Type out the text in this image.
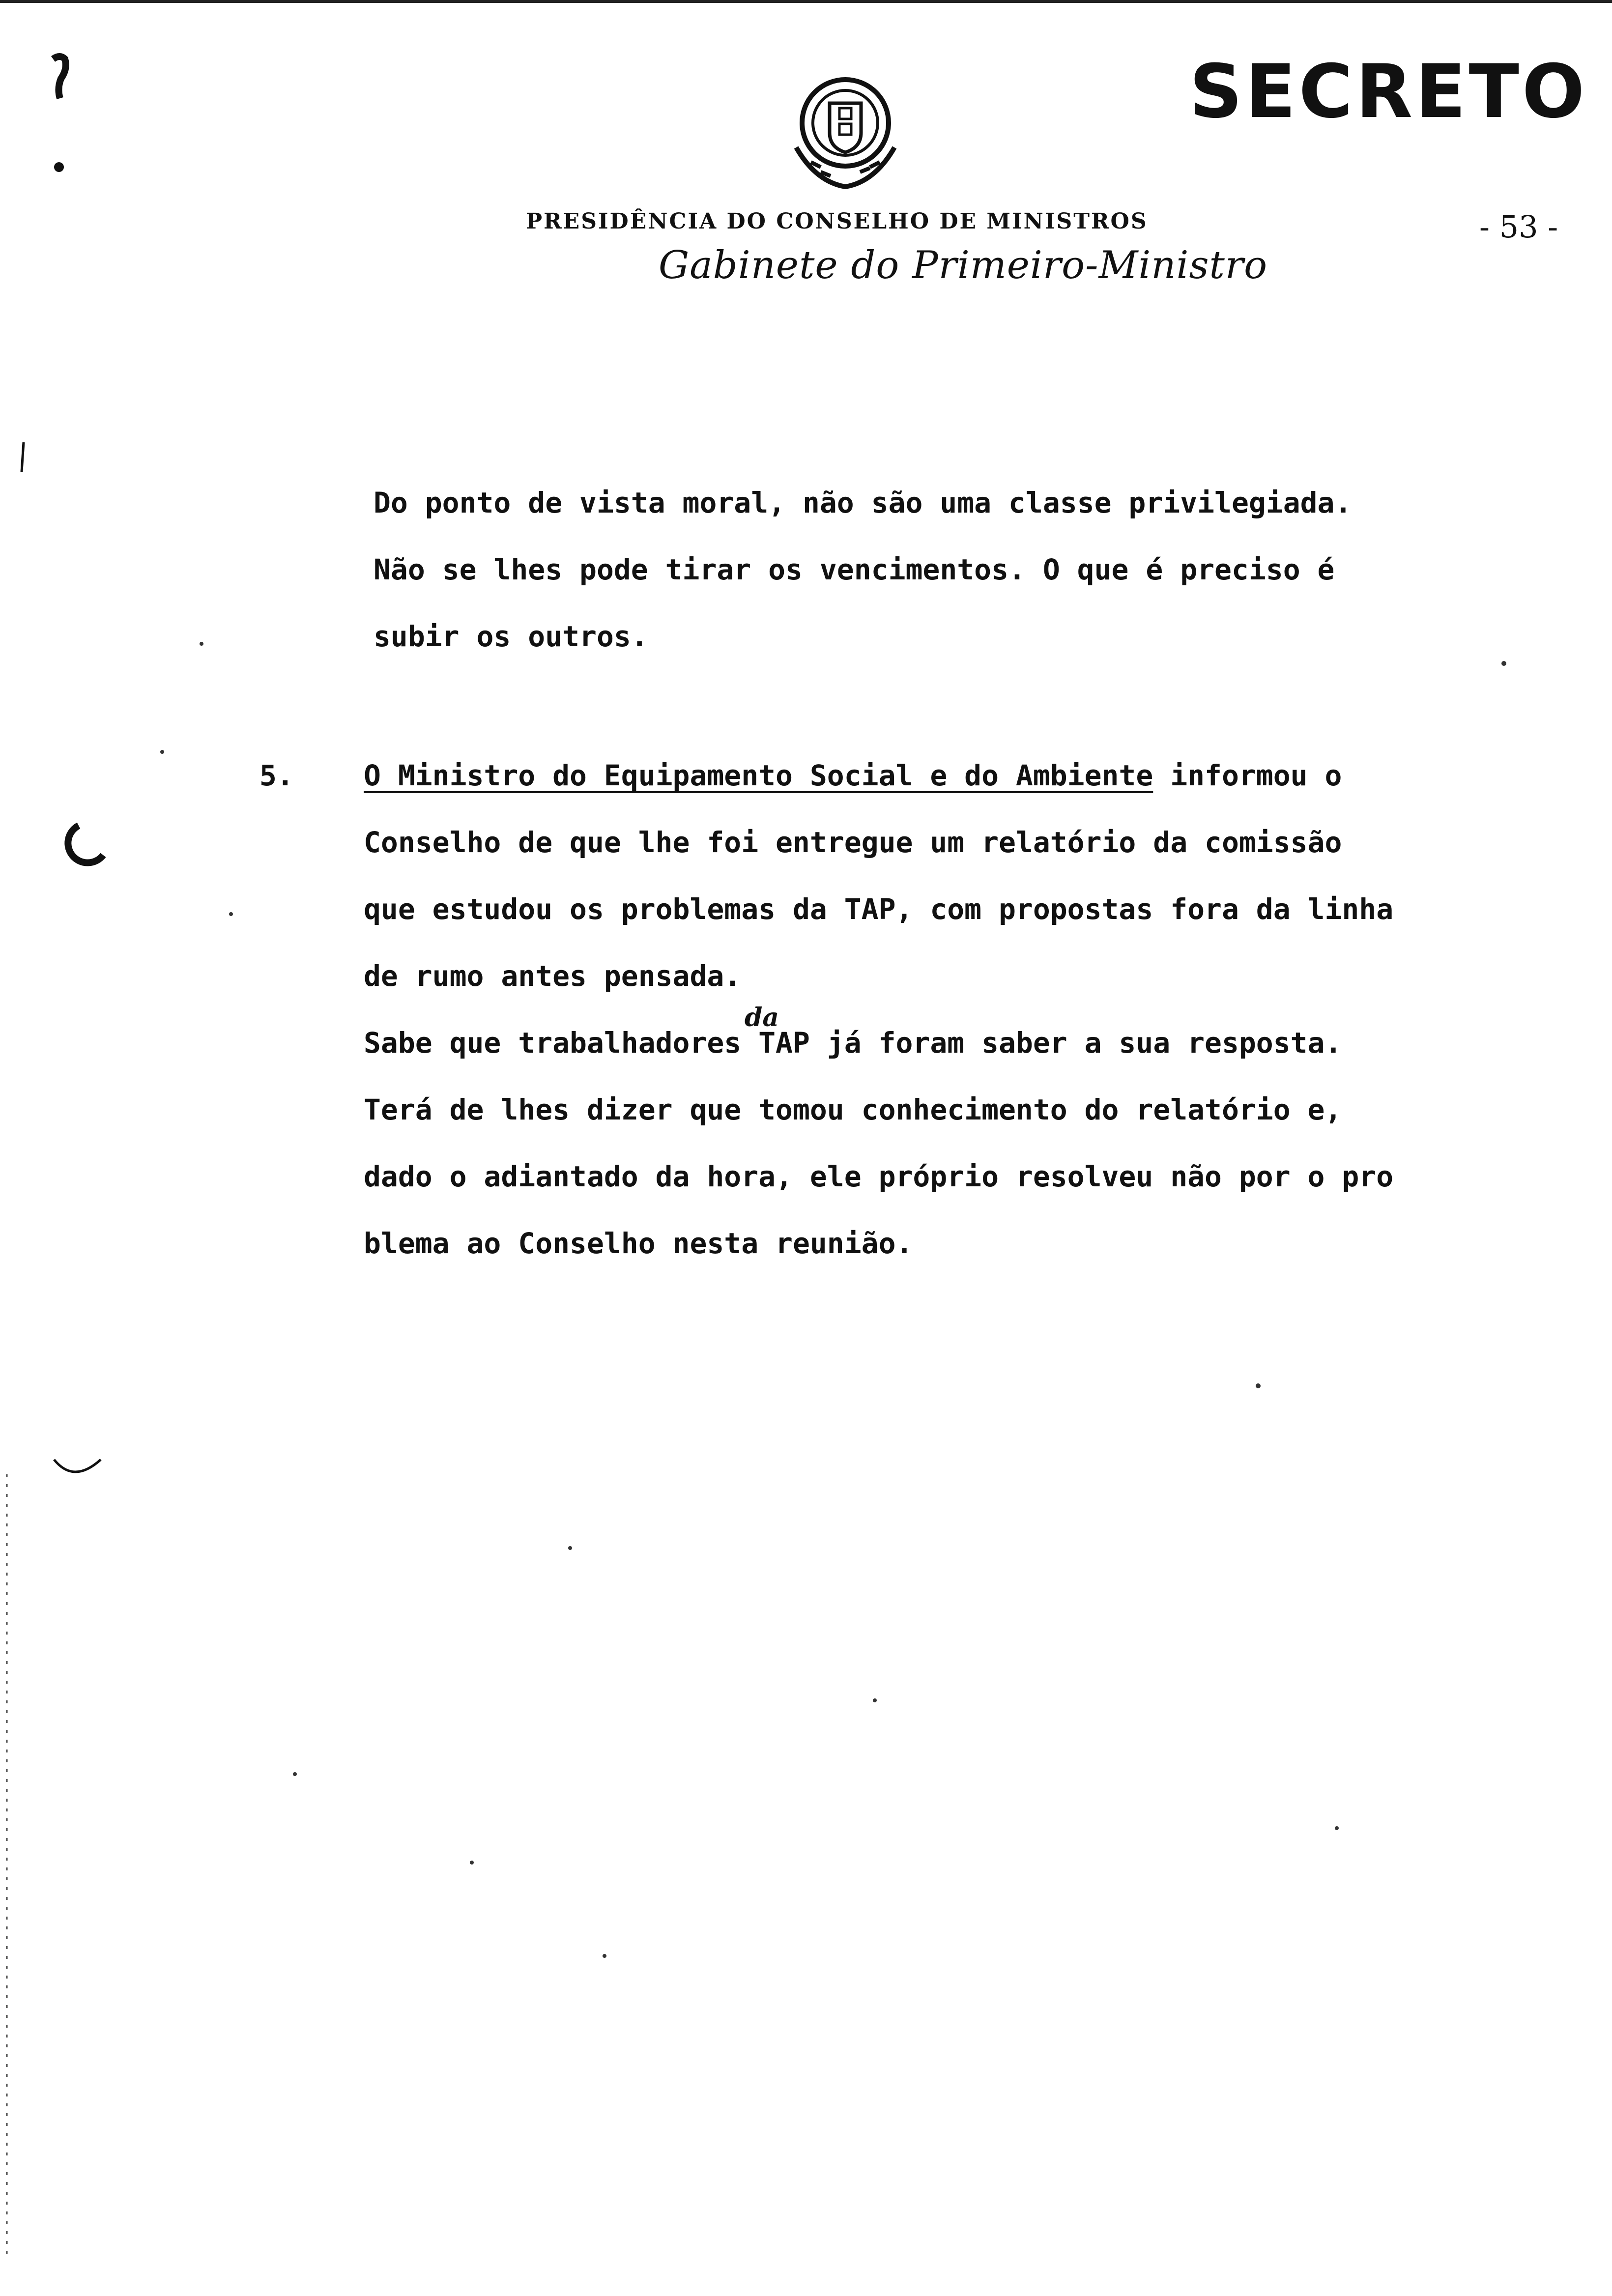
SECRETO
PRESIDÊNCIA DO CONSELHO DE MINISTROS
Gabinete do Primeiro-Ministro
- 53 -
Do ponto de vista moral, não são uma classe privilegiada.
Não se lhes pode tirar os vencimentos. O que é preciso é
subir os outros.
5. O Ministro do Equipamento Social e do Ambiente informou o
Conselho de que lhe foi entregue um relatório da comissão
que estudou os problemas da TAP, com propostas fora da linha
de rumo antes pensada.
Sabe que trabalhadores TAP já foram saber a sua resposta.
Terá de lhes dizer que tomou conhecimento do relatório e,
dado o adiantado da hora, ele próprio resolveu não por o pro
blema ao Conselho nesta reunião.
da
